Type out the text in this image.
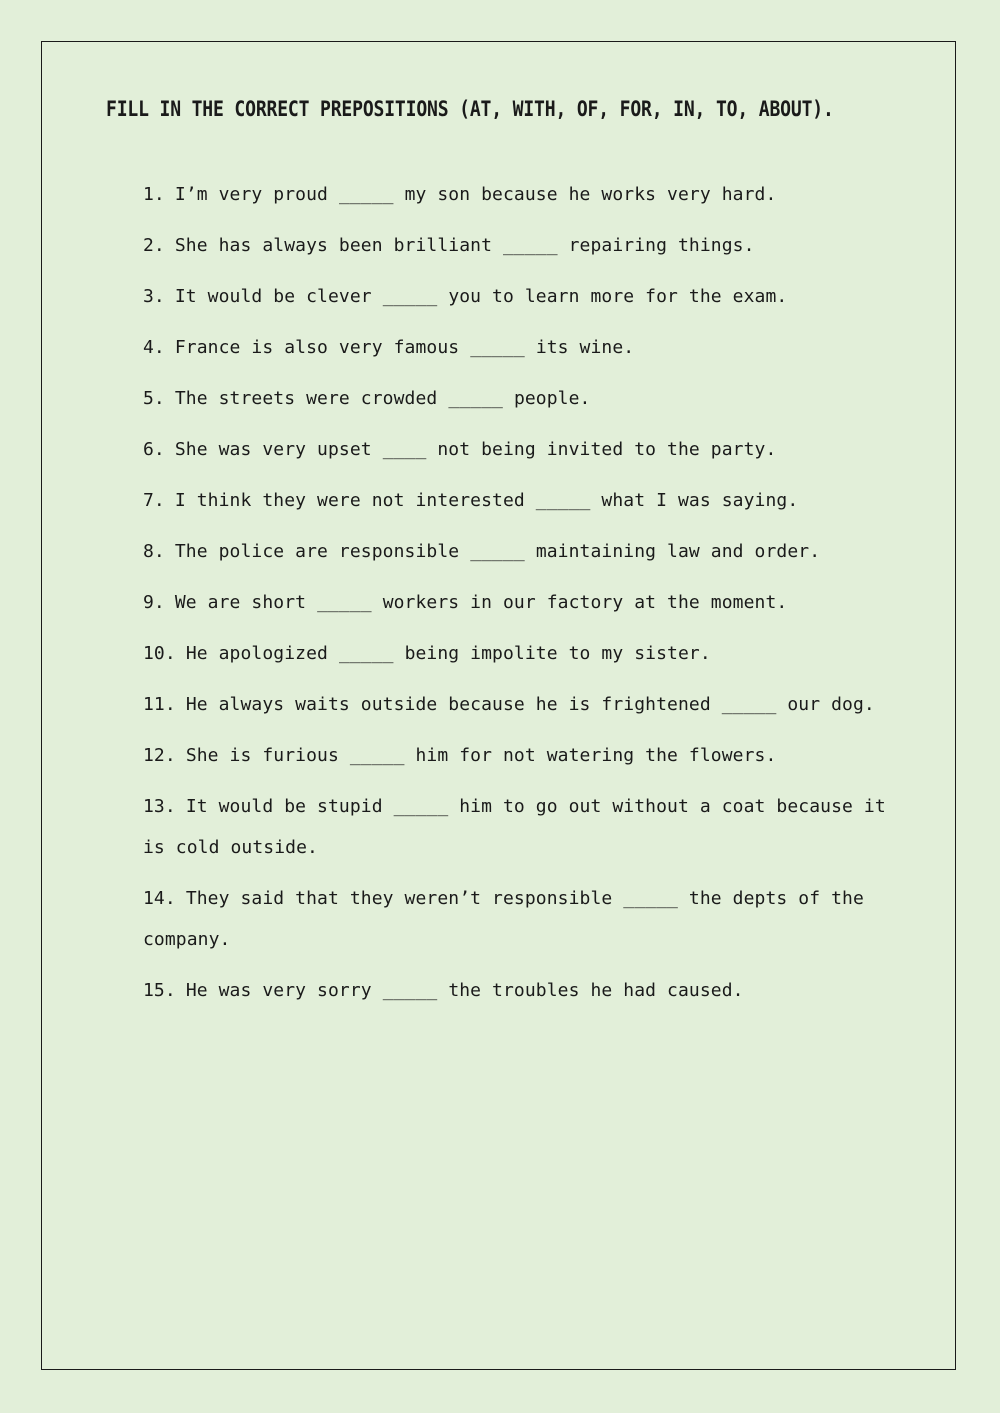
FILL IN THE CORRECT PREPOSITIONS (AT, WITH, OF, FOR, IN, TO, ABOUT).
1. I’m very proud _____ my son because he works very hard.
2. She has always been brilliant _____ repairing things.
3. It would be clever _____ you to learn more for the exam.
4. France is also very famous _____ its wine.
5. The streets were crowded _____ people.
6. She was very upset ____ not being invited to the party.
7. I think they were not interested _____ what I was saying.
8. The police are responsible _____ maintaining law and order.
9. We are short _____ workers in our factory at the moment.
10. He apologized _____ being impolite to my sister.
11. He always waits outside because he is frightened _____ our dog.
12. She is furious _____ him for not watering the flowers.
13. It would be stupid _____ him to go out without a coat because it is cold outside.
14. They said that they weren’t responsible _____ the depts of the company.
15. He was very sorry _____ the troubles he had caused.
